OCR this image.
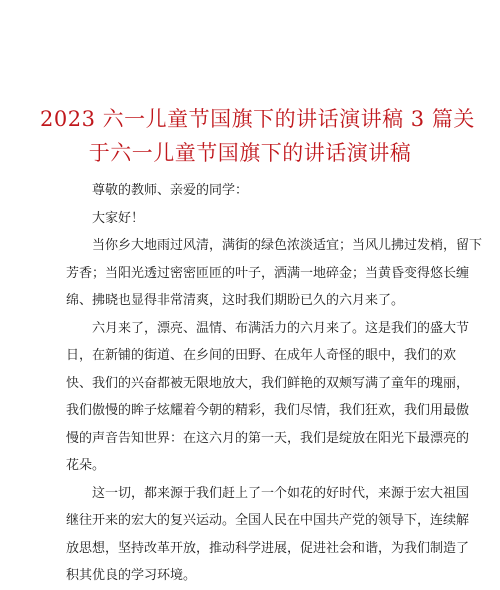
2023 六一儿童节国旗下的讲话演讲稿 3 篇关
于六一儿童节国旗下的讲话演讲稿

尊敬的教师、亲爱的同学：

大家好！

当你乡大地雨过风清，满街的绿色浓淡适宜；当风儿拂过发梢，留下
芳香；当阳光透过密密匝匝的叶子，洒满一地碎金；当黄昏变得悠长缠
绵、拂晓也显得非常清爽，这时我们期盼已久的六月来了。

六月来了，漂亮、温情、布满活力的六月来了。这是我们的盛大节
日，在新铺的街道、在乡间的田野、在成年人奇怪的眼中，我们的欢
快、我们的兴奋都被无限地放大，我们鲜艳的双颊写满了童年的瑰丽，
我们傲慢的眸子炫耀着今朝的精彩，我们尽情，我们狂欢，我们用最傲
慢的声音告知世界：在这六月的第一天，我们是绽放在阳光下最漂亮的
花朵。

这一切，都来源于我们赶上了一个如花的好时代，来源于宏大祖国
继往开来的宏大的复兴运动。全国人民在中国共产党的领导下，连续解
放思想，坚持改革开放，推动科学进展，促进社会和谐，为我们制造了
积其优良的学习环境。
